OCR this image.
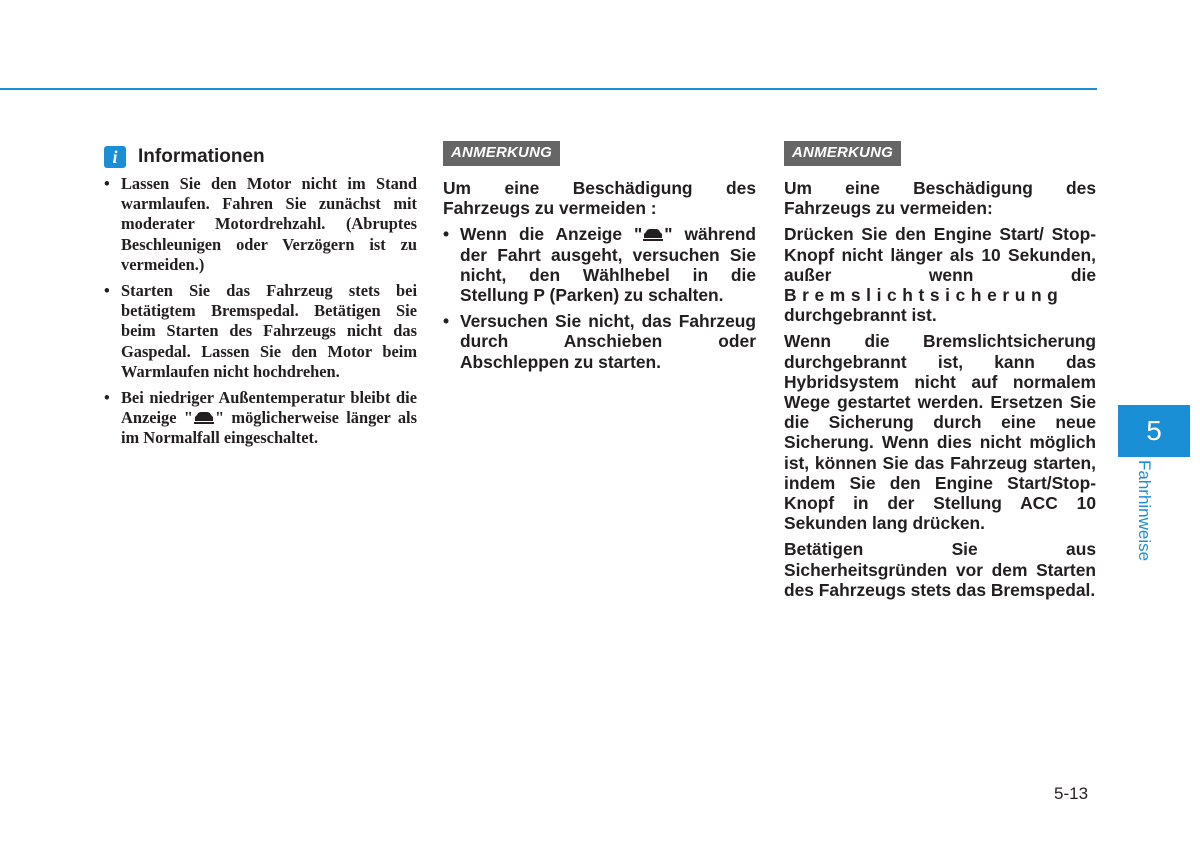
i	Informationen
• Lassen Sie den Motor nicht im Stand warmlaufen. Fahren Sie zunächst mit moderater Motordrehzahl. (Abruptes Beschleunigen oder Verzögern ist zu vermeiden.)
• Starten Sie das Fahrzeug stets bei betätigtem Bremspedal. Betätigen Sie beim Starten des Fahrzeugs nicht das Gaspedal. Lassen Sie den Motor beim Warmlaufen nicht hochdrehen.
• Bei niedriger Außentemperatur bleibt die Anzeige " " möglicherweise länger als im Normalfall eingeschaltet.
ANMERKUNG

Um eine Beschädigung des Fahrzeugs zu vermeiden :

• Wenn die Anzeige " " während der Fahrt ausgeht, versuchen Sie nicht, den Wählhebel in die Stellung P (Parken) zu schalten.
• Versuchen Sie nicht, das Fahrzeug durch Anschieben oder Abschleppen zu starten.
ANMERKUNG

Um eine Beschädigung des Fahrzeugs zu vermeiden:

Drücken Sie den Engine Start/ Stop-Knopf nicht länger als 10 Sekunden, außer wenn die Bremslichtsicherung durchgebrannt ist.

Wenn die Bremslichtsicherung durchgebrannt ist, kann das Hybridsystem nicht auf normalem Wege gestartet werden. Ersetzen Sie die Sicherung durch eine neue Sicherung. Wenn dies nicht möglich ist, können Sie das Fahrzeug starten, indem Sie den Engine Start/Stop-Knopf in der Stellung ACC 10 Sekunden lang drücken.

Betätigen Sie aus Sicherheitsgründen vor dem Starten des Fahrzeugs stets das Bremspedal.

5
Fahrhinweise
5-13
